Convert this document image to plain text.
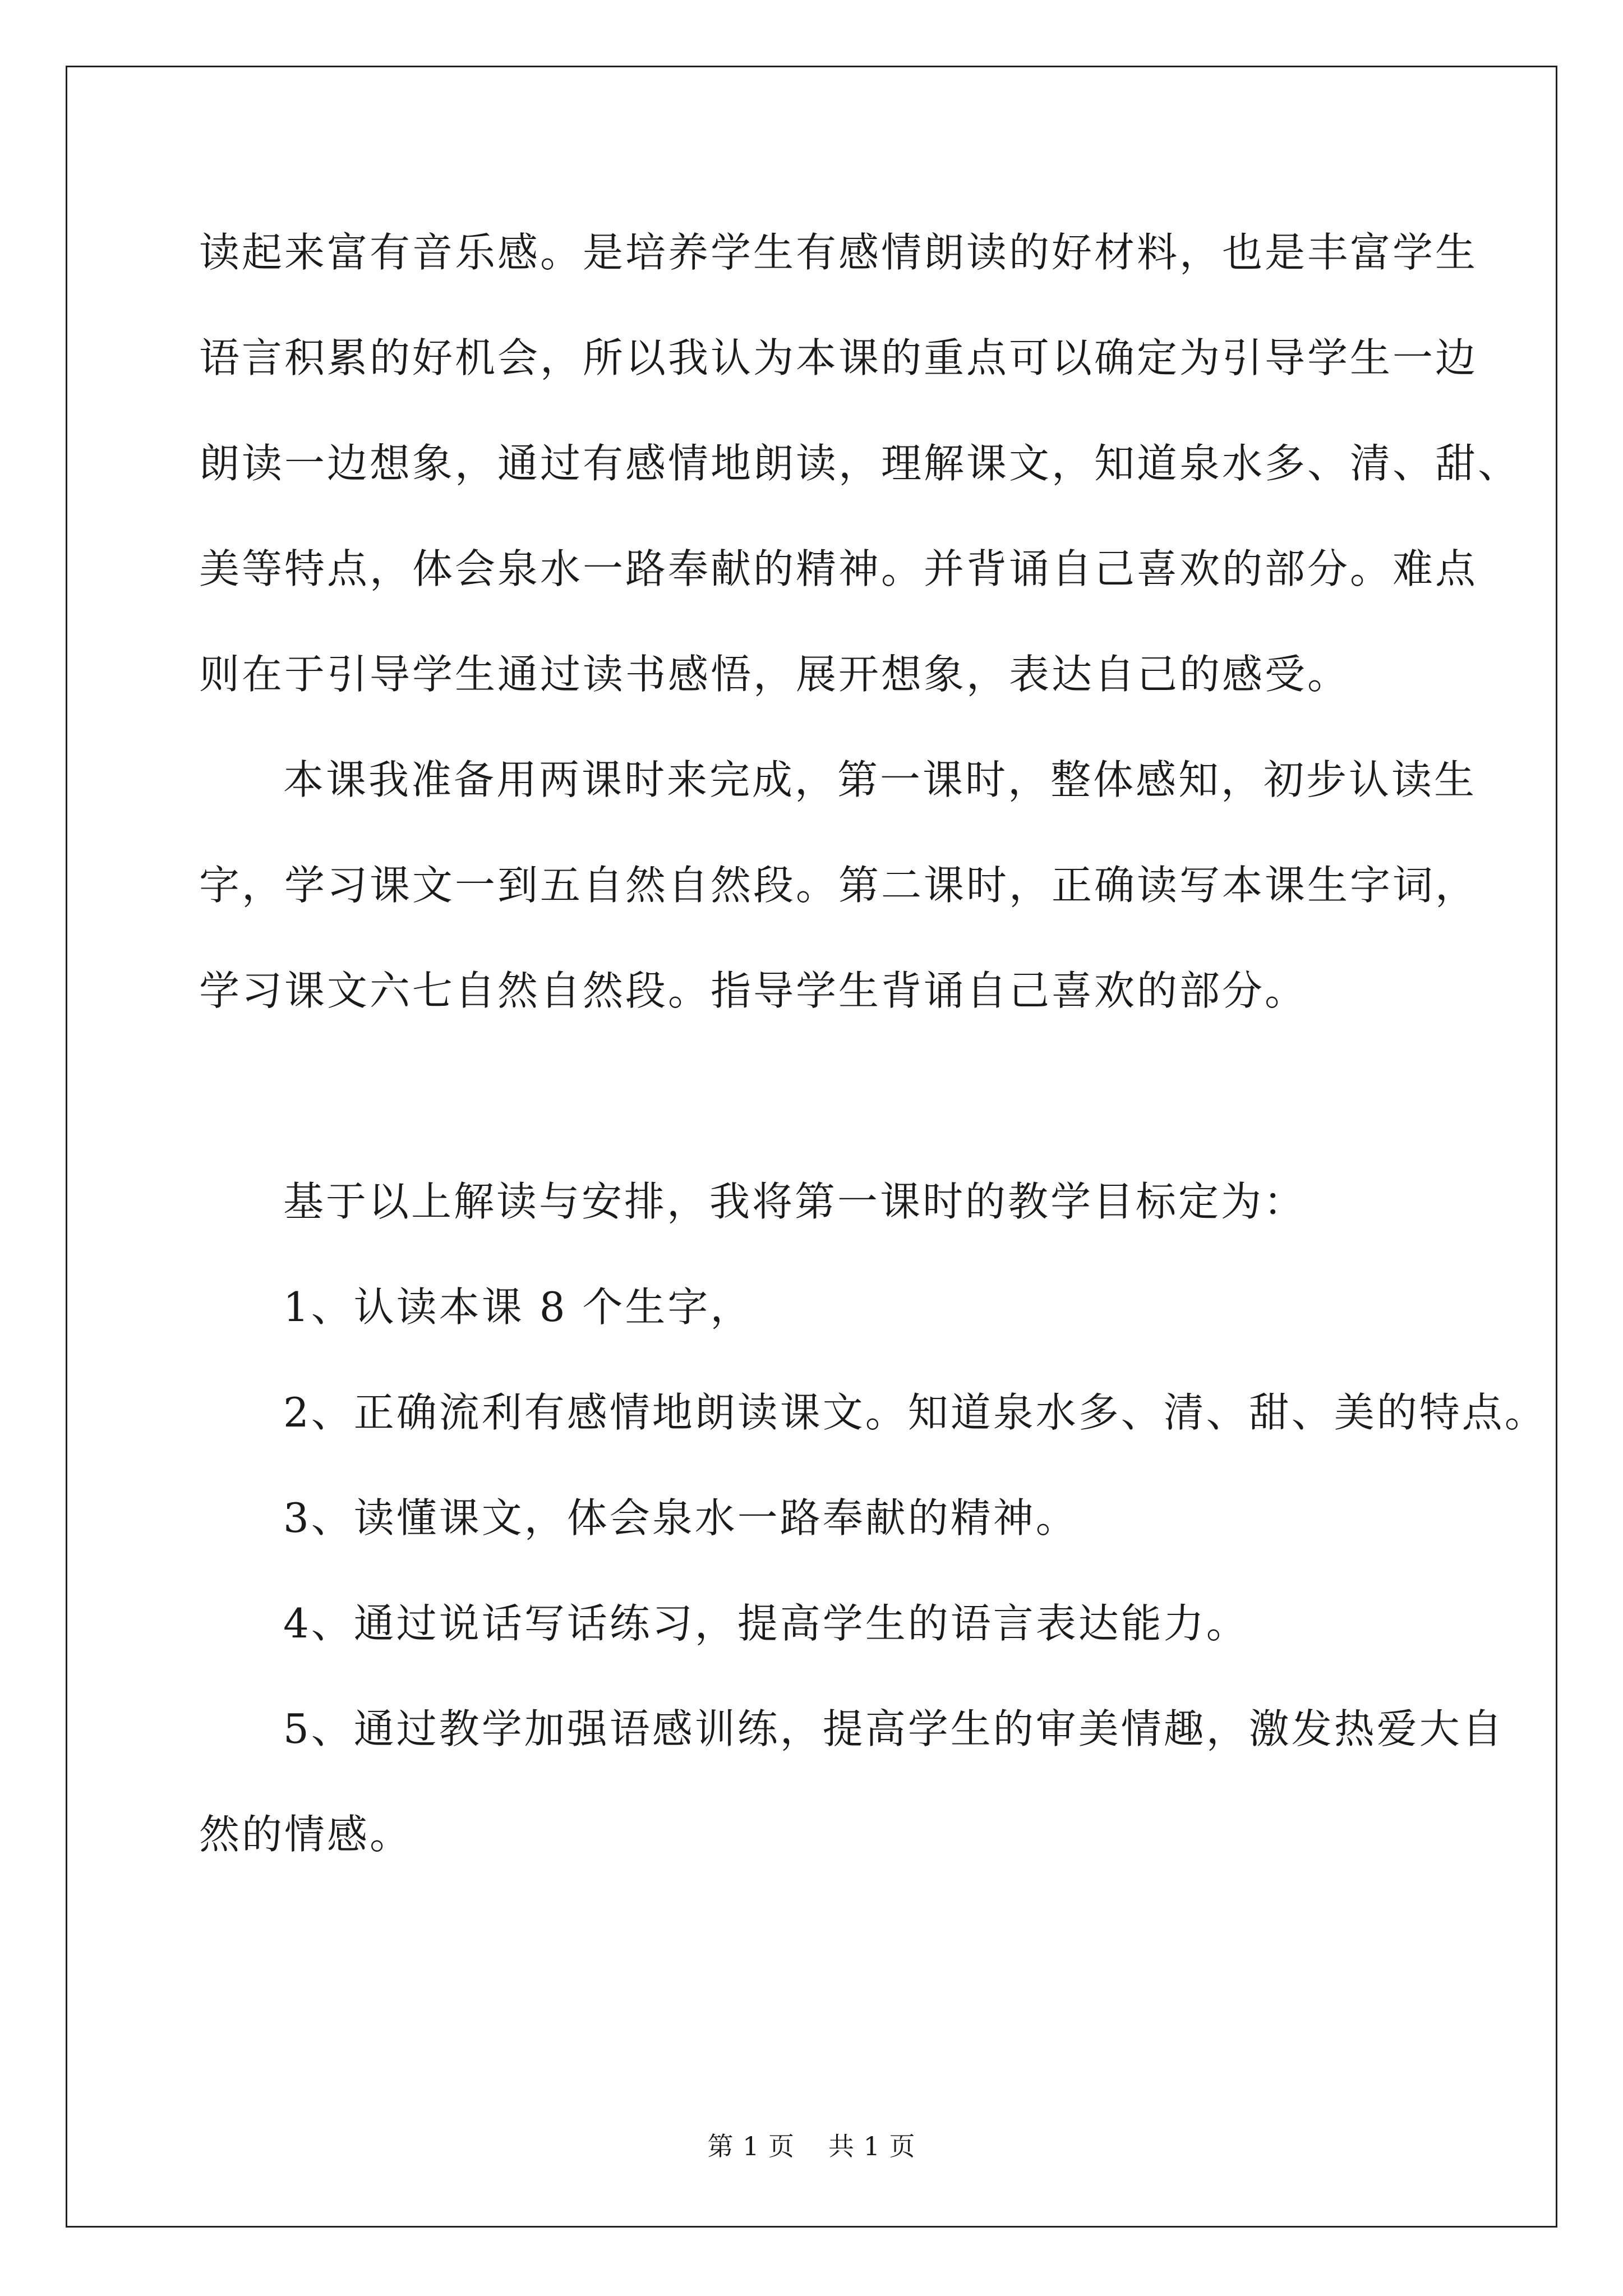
读起来富有音乐感。是培养学生有感情朗读的好材料，也是丰富学生
语言积累的好机会，所以我认为本课的重点可以确定为引导学生一边
朗读一边想象，通过有感情地朗读，理解课文，知道泉水多、清、甜、
美等特点，体会泉水一路奉献的精神。并背诵自己喜欢的部分。难点
则在于引导学生通过读书感悟，展开想象，表达自己的感受。
本课我准备用两课时来完成，第一课时，整体感知，初步认读生
字，学习课文一到五自然自然段。第二课时，正确读写本课生字词，
学习课文六七自然自然段。指导学生背诵自己喜欢的部分。
基于以上解读与安排，我将第一课时的教学目标定为：
1、认读本课 8 个生字，
2、正确流利有感情地朗读课文。知道泉水多、清、甜、美的特点。
3、读懂课文，体会泉水一路奉献的精神。
4、通过说话写话练习，提高学生的语言表达能力。
5、通过教学加强语感训练，提高学生的审美情趣，激发热爱大自
然的情感。
第 1 页 共 1 页
